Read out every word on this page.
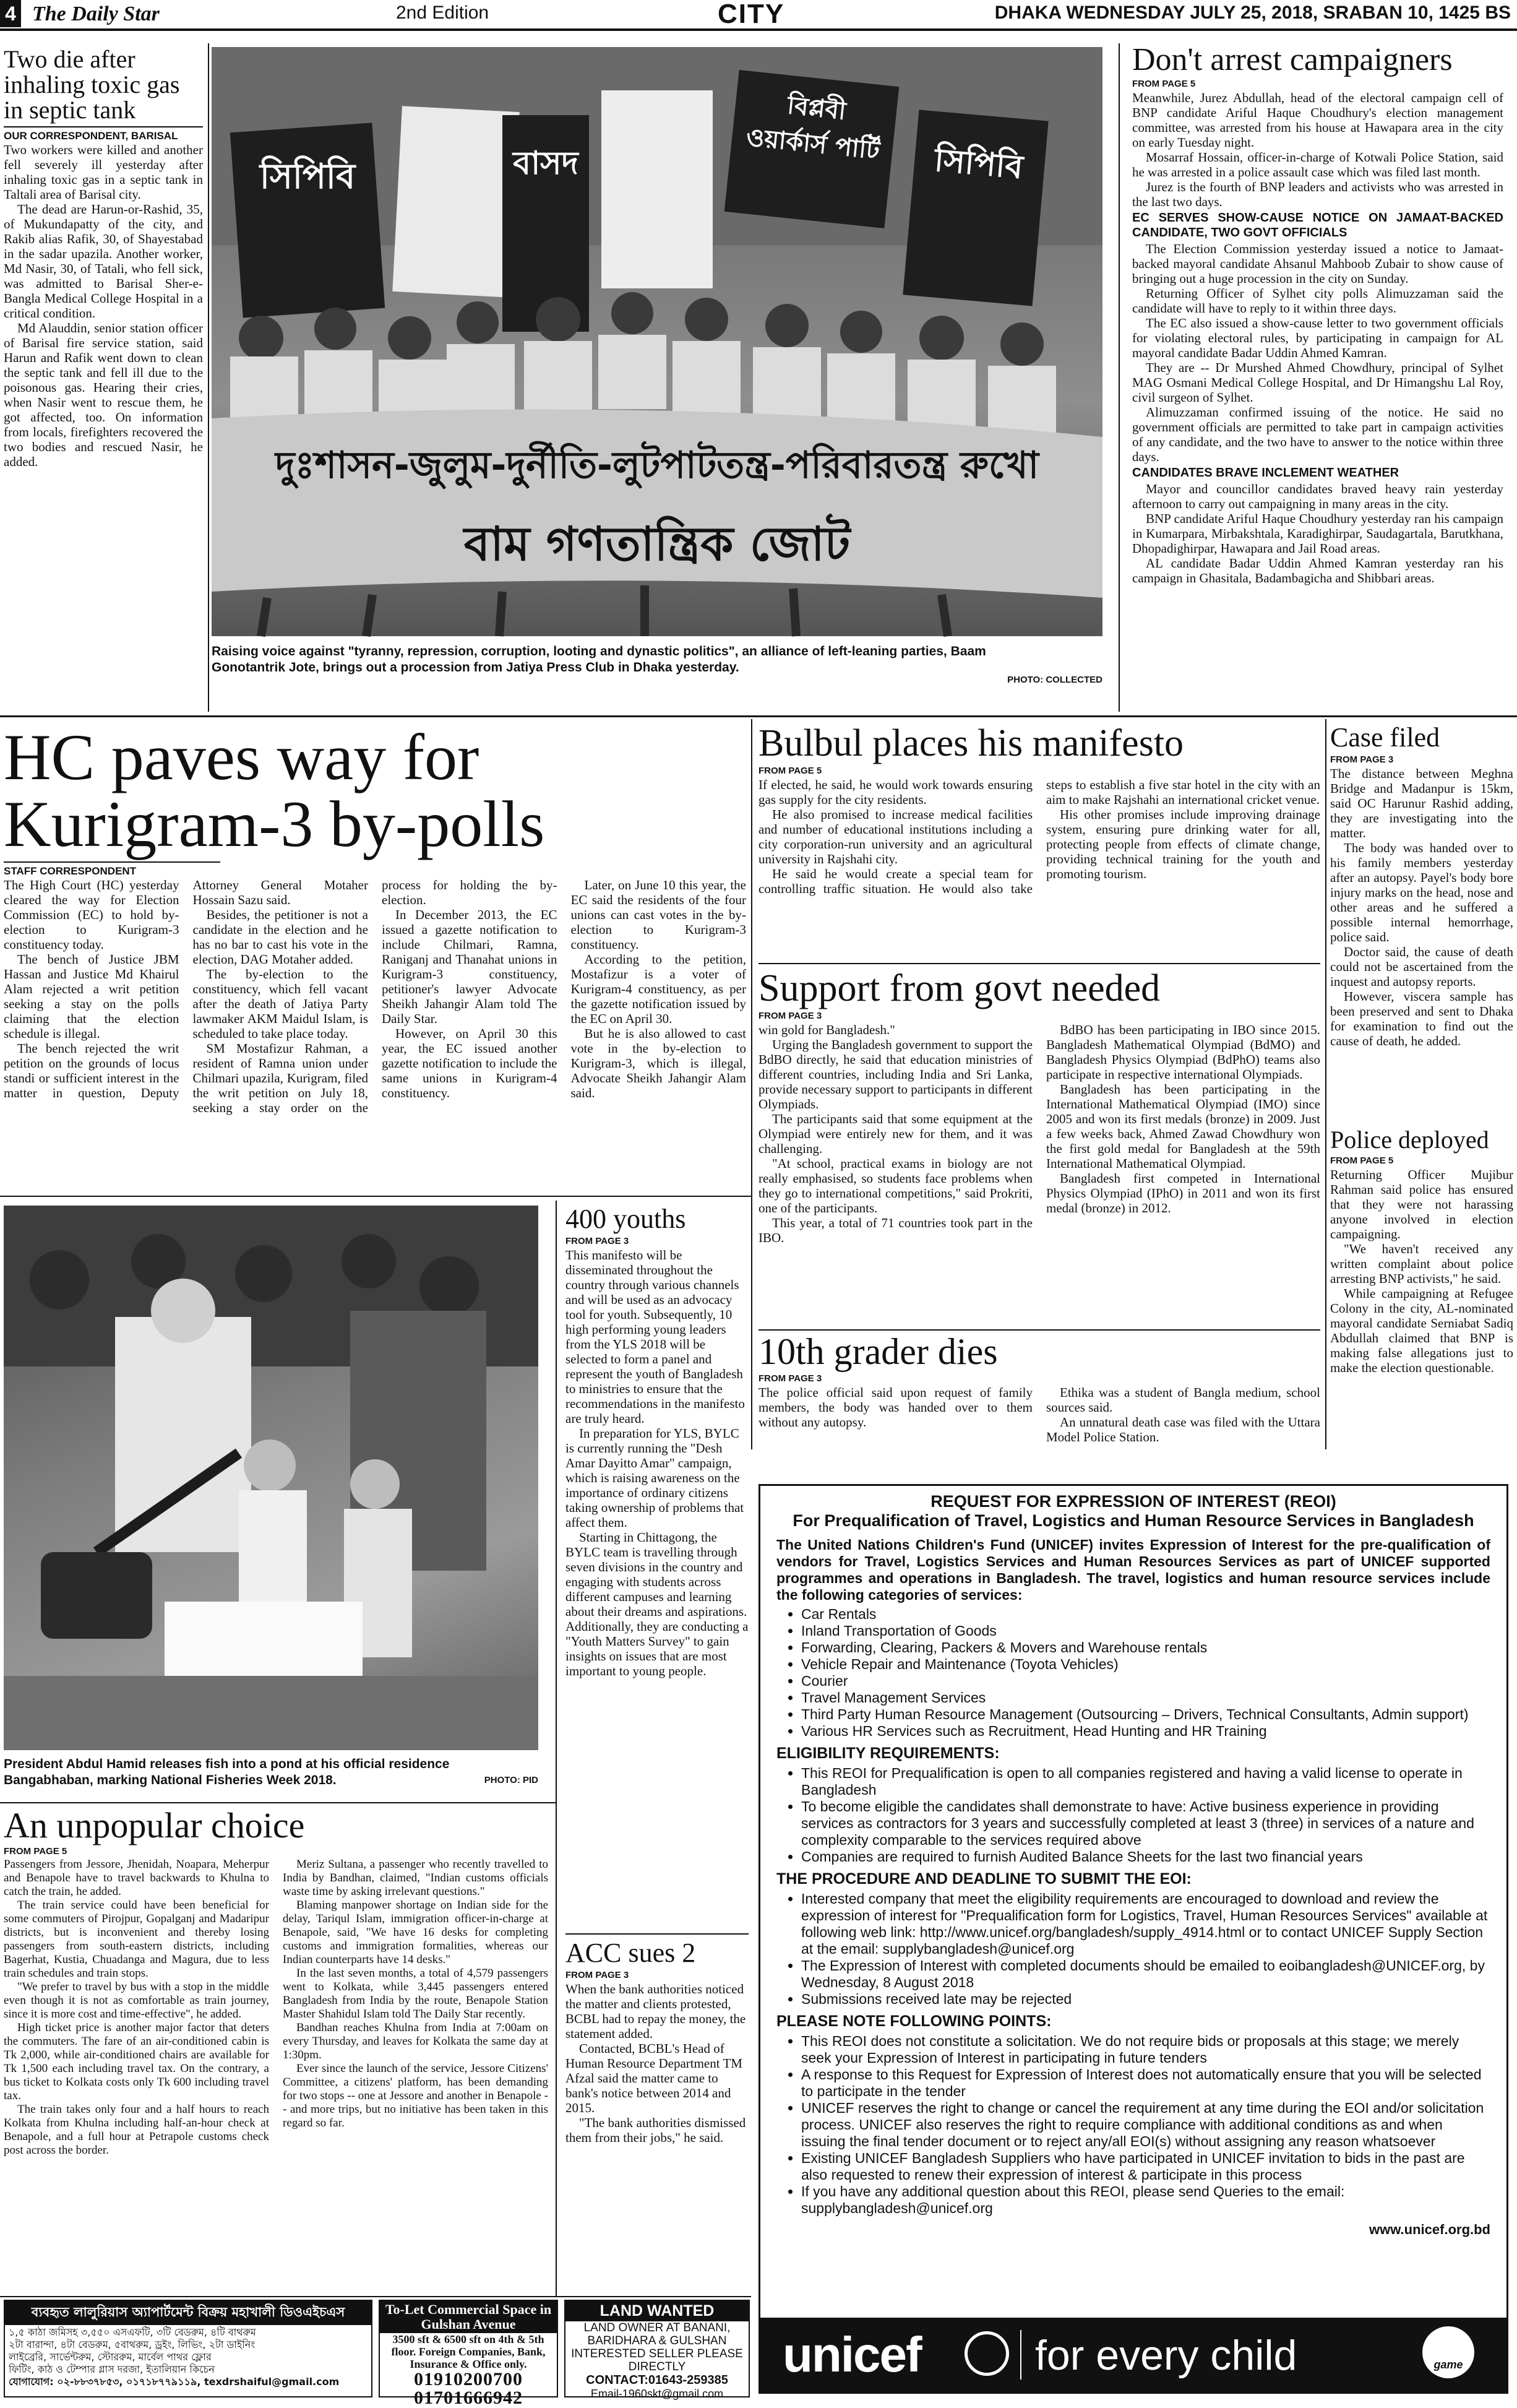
4 The Daily Star	2nd Edition	CITY	DHAKA WEDNESDAY JULY 25, 2018, SRABAN 10, 1425 BS
Two die after inhaling toxic gas in septic tank
OUR CORRESPONDENT, BARISAL

Two workers were killed and another fell severely ill yesterday after inhaling toxic gas in a septic tank in Taltali area of Barisal city.

The dead are Harun-or-Rashid, 35, of Mukundapatty of the city, and Rakib alias Rafik, 30, of Shayestabad in the sadar upazila. Another worker, Md Nasir, 30, of Tatali, who fell sick, was admitted to Barisal Sher-e-Bangla Medical College Hospital in a critical condition.

Md Alauddin, senior station officer of Barisal fire service station, said Harun and Rafik went down to clean the septic tank and fell ill due to the poisonous gas. Hearing their cries, when Nasir went to rescue them, he got affected, too. On information from locals, firefighters recovered the two bodies and rescued Nasir, he added.

সিপিবি	বাসদ
বিপ্লবী ওয়ার্কার্স পার্টি	সিপিবি
দুঃশাসন-জুলুম-দুর্নীতি-লুটপাটতন্ত্র-পরিবারতন্ত্র রুখো
বাম গণতান্ত্রিক জোট
Raising voice against "tyranny, repression, corruption, looting and dynastic politics", an alliance of left-leaning parties, Baam Gonotantrik Jote, brings out a procession from Jatiya Press Club in Dhaka yesterday.
PHOTO: COLLECTED
Don't arrest campaigners
FROM PAGE 5

Meanwhile, Jurez Abdullah, head of the electoral campaign cell of BNP candidate Ariful Haque Choudhury's election management committee, was arrested from his house at Hawapara area in the city on early Tuesday night.

Mosarraf Hossain, officer-in-charge of Kotwali Police Station, said he was arrested in a police assault case which was filed last month.

Jurez is the fourth of BNP leaders and activists who was arrested in the last two days.

EC SERVES SHOW-CAUSE NOTICE ON JAMAAT-BACKED CANDIDATE, TWO GOVT OFFICIALS

The Election Commission yesterday issued a notice to Jamaat-backed mayoral candidate Ahsanul Mahboob Zubair to show cause of bringing out a huge procession in the city on Sunday.

Returning Officer of Sylhet city polls Alimuzzaman said the candidate will have to reply to it within three days.

The EC also issued a show-cause letter to two government officials for violating electoral rules, by participating in campaign for AL mayoral candidate Badar Uddin Ahmed Kamran.

They are -- Dr Murshed Ahmed Chowdhury, principal of Sylhet MAG Osmani Medical College Hospital, and Dr Himangshu Lal Roy, civil surgeon of Sylhet.

Alimuzzaman confirmed issuing of the notice. He said no government officials are permitted to take part in campaign activities of any candidate, and the two have to answer to the notice within three days.

CANDIDATES BRAVE INCLEMENT WEATHER

Mayor and councillor candidates braved heavy rain yesterday afternoon to carry out campaigning in many areas in the city.

BNP candidate Ariful Haque Choudhury yesterday ran his campaign in Kumarpara, Mirbakshtala, Karadighirpar, Saudagartala, Barutkhana, Dhopadighirpar, Hawapara and Jail Road areas.

AL candidate Badar Uddin Ahmed Kamran yesterday ran his campaign in Ghasitala, Badambagicha and Shibbari areas.

HC paves way for Kurigram-3 by-polls
STAFF CORRESPONDENT

The High Court (HC) yesterday cleared the way for Election Commission (EC) to hold by-election to Kurigram-3 constituency today.

The bench of Justice JBM Hassan and Justice Md Khairul Alam rejected a writ petition seeking a stay on the polls claiming that the election schedule is illegal.

The bench rejected the writ petition on the grounds of locus standi or sufficient interest in the matter in question, Deputy Attorney General Motaher Hossain Sazu said.

Besides, the petitioner is not a candidate in the election and he has no bar to cast his vote in the election, DAG Motaher added.

The by-election to the constituency, which fell vacant after the death of Jatiya Party lawmaker AKM Maidul Islam, is scheduled to take place today.

SM Mostafizur Rahman, a resident of Ramna union under Chilmari upazila, Kurigram, filed the writ petition on July 18, seeking a stay order on the process for holding the by-election.

In December 2013, the EC issued a gazette notification to include Chilmari, Ramna, Raniganj and Thanahat unions in Kurigram-3 constituency, petitioner's lawyer Advocate Sheikh Jahangir Alam told The Daily Star.

However, on April 30 this year, the EC issued another gazette notification to include the same unions in Kurigram-4 constituency.

Later, on June 10 this year, the EC said the residents of the four unions can cast votes in the by-election to Kurigram-3 constituency.

According to the petition, Mostafizur is a voter of Kurigram-4 constituency, as per the gazette notification issued by the EC on April 30.

But he is also allowed to cast vote in the by-election to Kurigram-3, which is illegal, Advocate Sheikh Jahangir Alam said.

Bulbul places his manifesto
FROM PAGE 5

If elected, he said, he would work towards ensuring gas supply for the city residents.

He also promised to increase medical facilities and number of educational institutions including a city corporation-run university and an agricultural university in Rajshahi city.

He said he would create a special team for controlling traffic situation. He would also take steps to establish a five star hotel in the city with an aim to make Rajshahi an international cricket venue.

His other promises include improving drainage system, ensuring pure drinking water for all, protecting people from effects of climate change, providing technical training for the youth and promoting tourism.

Support from govt needed
FROM PAGE 3

win gold for Bangladesh."

Urging the Bangladesh government to support the BdBO directly, he said that education ministries of different countries, including India and Sri Lanka, provide necessary support to participants in different Olympiads.

The participants said that some equipment at the Olympiad were entirely new for them, and it was challenging.

"At school, practical exams in biology are not really emphasised, so students face problems when they go to international competitions," said Prokriti, one of the participants.

This year, a total of 71 countries took part in the IBO.

BdBO has been participating in IBO since 2015. Bangladesh Mathematical Olympiad (BdMO) and Bangladesh Physics Olympiad (BdPhO) teams also participate in respective international Olympiads.

Bangladesh has been participating in the International Mathematical Olympiad (IMO) since 2005 and won its first medals (bronze) in 2009. Just a few weeks back, Ahmed Zawad Chowdhury won the first gold medal for Bangladesh at the 59th International Mathematical Olympiad.

Bangladesh first competed in International Physics Olympiad (IPhO) in 2011 and won its first medal (bronze) in 2012.

10th grader dies
FROM PAGE 3

The police official said upon request of family members, the body was handed over to them without any autopsy.

Ethika was a student of Bangla medium, school sources said.

An unnatural death case was filed with the Uttara Model Police Station.

Case filed
FROM PAGE 3

The distance between Meghna Bridge and Madanpur is 15km, said OC Harunur Rashid adding, they are investigating into the matter.

The body was handed over to his family members yesterday after an autopsy. Payel's body bore injury marks on the head, nose and other areas and he suffered a possible internal hemorrhage, police said.

Doctor said, the cause of death could not be ascertained from the inquest and autopsy reports.

However, viscera sample has been preserved and sent to Dhaka for examination to find out the cause of death, he added.

Police deployed
FROM PAGE 5

Returning Officer Mujibur Rahman said police has ensured that they were not harassing anyone involved in election campaigning.

"We haven't received any written complaint about police arresting BNP activists," he said.

While campaigning at Refugee Colony in the city, AL-nominated mayoral candidate Serniabat Sadiq Abdullah claimed that BNP is making false allegations just to make the election questionable.

President Abdul Hamid releases fish into a pond at his official residence Bangabhaban, marking National Fisheries Week 2018.	PHOTO: PID
400 youths
FROM PAGE 3

This manifesto will be disseminated throughout the country through various channels and will be used as an advocacy tool for youth. Subsequently, 10 high performing young leaders from the YLS 2018 will be selected to form a panel and represent the youth of Bangladesh to ministries to ensure that the recommendations in the manifesto are truly heard.

In preparation for YLS, BYLC is currently running the "Desh Amar Dayitto Amar" campaign, which is raising awareness on the importance of ordinary citizens taking ownership of problems that affect them.

Starting in Chittagong, the BYLC team is travelling through seven divisions in the country and engaging with students across different campuses and learning about their dreams and aspirations. Additionally, they are conducting a "Youth Matters Survey" to gain insights on issues that are most important to young people.

ACC sues 2
FROM PAGE 3

When the bank authorities noticed the matter and clients protested, BCBL had to repay the money, the statement added.

Contacted, BCBL's Head of Human Resource Department TM Afzal said the matter came to bank's notice between 2014 and 2015.

"The bank authorities dismissed them from their jobs," he said.

An unpopular choice
FROM PAGE 5

Passengers from Jessore, Jhenidah, Noapara, Meherpur and Benapole have to travel backwards to Khulna to catch the train, he added.

The train service could have been beneficial for some commuters of Pirojpur, Gopalganj and Madaripur districts, but is inconvenient and thereby losing passengers from south-eastern districts, including Bagerhat, Kustia, Chuadanga and Magura, due to less train schedules and train stops.

"We prefer to travel by bus with a stop in the middle even though it is not as comfortable as train journey, since it is more cost and time-effective", he added.

High ticket price is another major factor that deters the commuters. The fare of an air-conditioned cabin is Tk 2,000, while air-conditioned chairs are available for Tk 1,500 each including travel tax. On the contrary, a bus ticket to Kolkata costs only Tk 600 including travel tax.

The train takes only four and a half hours to reach Kolkata from Khulna including half-an-hour check at Benapole, and a full hour at Petrapole customs check post across the border.

Meriz Sultana, a passenger who recently travelled to India by Bandhan, claimed, "Indian customs officials waste time by asking irrelevant questions."

Blaming manpower shortage on Indian side for the delay, Tariqul Islam, immigration officer-in-charge at Benapole, said, "We have 16 desks for completing customs and immigration formalities, whereas our Indian counterparts have 14 desks."

In the last seven months, a total of 4,579 passengers went to Kolkata, while 3,445 passengers entered Bangladesh from India by the route, Benapole Station Master Shahidul Islam told The Daily Star recently.

Bandhan reaches Khulna from India at 7:00am on every Thursday, and leaves for Kolkata the same day at 1:30pm.

Ever since the launch of the service, Jessore Citizens' Committee, a citizens' platform, has been demanding for two stops -- one at Jessore and another in Benapole -- and more trips, but no initiative has been taken in this regard so far.

REQUEST FOR EXPRESSION OF INTEREST (REOI)
For Prequalification of Travel, Logistics and Human Resource Services in Bangladesh

The United Nations Children's Fund (UNICEF) invites Expression of Interest for the pre-qualification of vendors for Travel, Logistics Services and Human Resources Services as part of UNICEF supported programmes and operations in Bangladesh. The travel, logistics and human resource services include the following categories of services:

• Car Rentals
• Inland Transportation of Goods
• Forwarding, Clearing, Packers & Movers and Warehouse rentals
• Vehicle Repair and Maintenance (Toyota Vehicles)
• Courier
• Travel Management Services
• Third Party Human Resource Management (Outsourcing – Drivers, Technical Consultants, Admin support)
• Various HR Services such as Recruitment, Head Hunting and HR Training
ELIGIBILITY REQUIREMENTS:
• This REOI for Prequalification is open to all companies registered and having a valid license to operate in Bangladesh
• To become eligible the candidates shall demonstrate to have: Active business experience in providing services as contractors for 3 years and successfully completed at least 3 (three) in services of a nature and complexity comparable to the services required above
• Companies are required to furnish Audited Balance Sheets for the last two financial years
THE PROCEDURE AND DEADLINE TO SUBMIT THE EOI:
• Interested company that meet the eligibility requirements are encouraged to download and review the expression of interest for "Prequalification form for Logistics, Travel, Human Resources Services" available at following web link: http://www.unicef.org/bangladesh/supply_4914.html or to contact UNICEF Supply Section at the email: supplybangladesh@unicef.org
• The Expression of Interest with completed documents should be emailed to eoibangladesh@UNICEF.org, by Wednesday, 8 August 2018
• Submissions received late may be rejected
PLEASE NOTE FOLLOWING POINTS:
• This REOI does not constitute a solicitation. We do not require bids or proposals at this stage; we merely seek your Expression of Interest in participating in future tenders
• A response to this Request for Expression of Interest does not automatically ensure that you will be selected to participate in the tender
• UNICEF reserves the right to change or cancel the requirement at any time during the EOI and/or solicitation process. UNICEF also reserves the right to require compliance with additional conditions as and when issuing the final tender document or to reject any/all EOI(s) without assigning any reason whatsoever
• Existing UNICEF Bangladesh Suppliers who have participated in UNICEF invitation to bids in the past are also requested to renew their expression of interest & participate in this process
• If you have any additional question about this REOI, please send Queries to the email: supplybangladesh@unicef.org
www.unicef.org.bd
unicef	for every child	game
ব্যবহৃত লালুরিয়াস অ্যাপার্টমেন্ট বিক্রয় মহাখালী ডিওএইচএস
১,৫ কাঠা জমিসহ ৩,৫৫০ এসএফটি, ৩টি বেডরুম, ৪টি বাথরুম
২টা বারান্দা, ৪টা বেডরুম, ৫বাথরুম, ড্রইং, লিভিং, ২টা ডাইনিং
লাইব্রেরি, সার্ভেন্টরুম, স্টোররুম, মার্বেল পাথর ফ্লোর
ফিটিং, কাঠ ও টেম্পার গ্লাস দরজা, ইতালিয়ান কিচেন
যোগাযোগ: ০২-৮৮৩৭৮৫৩, ০১৭১৮৭৭৯১১৯, texdrshaiful@gmail.com
To-Let Commercial Space in Gulshan Avenue
3500 sft & 6500 sft on 4th & 5th floor. Foreign Companies, Bank, Insurance & Office only.
01910200700
01701666942
LAND WANTED
LAND OWNER AT BANANI, BARIDHARA & GULSHAN INTERESTED SELLER PLEASE DIRECTLY
CONTACT:01643-259385
Email-1960skt@gmail.com
